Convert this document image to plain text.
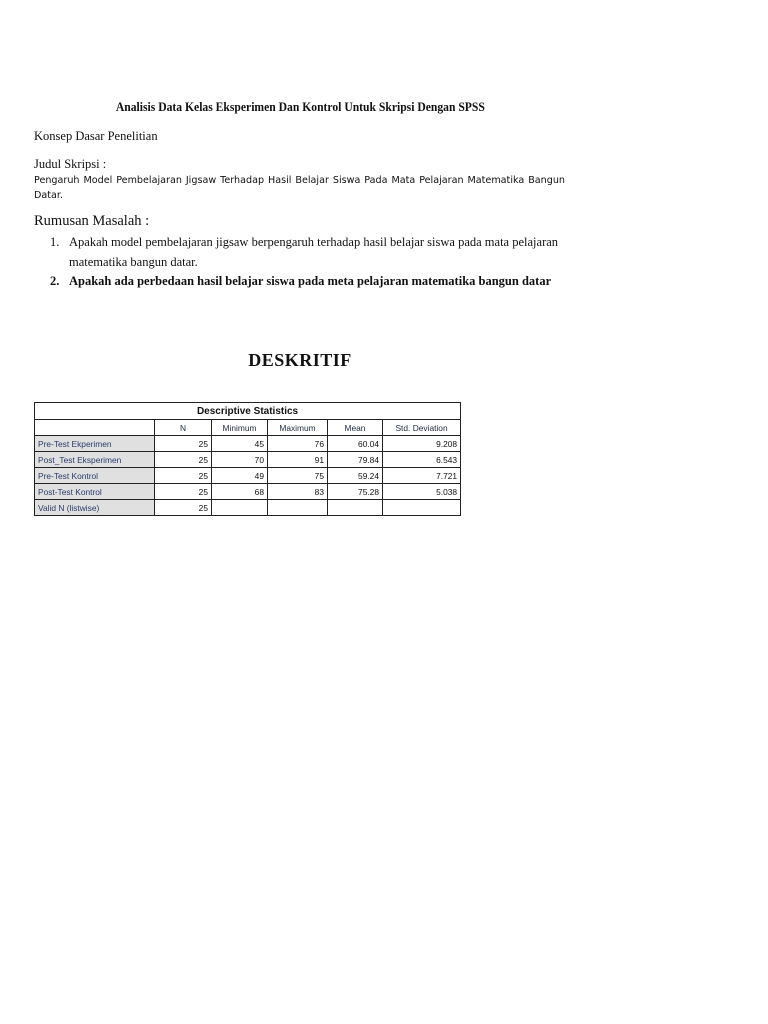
Analisis Data Kelas Eksperimen Dan Kontrol Untuk Skripsi Dengan SPSS
Konsep Dasar Penelitian
Judul Skripsi :
Pengaruh Model Pembelajaran Jigsaw Terhadap Hasil Belajar Siswa Pada Mata Pelajaran Matematika Bangun Datar.
Rumusan Masalah :
1. Apakah model pembelajaran jigsaw berpengaruh terhadap hasil belajar siswa pada mata pelajaran matematika bangun datar.
2. Apakah ada perbedaan hasil belajar siswa pada meta pelajaran matematika bangun datar
DESKRITIF
Descriptive Statistics					
	N	Minimum	Maximum	Mean	Std. Deviation
Pre-Test Ekperimen	25	45	76	60.04	9.208
Post_Test Eksperimen	25	70	91	79.84	6.543
Pre-Test Kontrol	25	49	75	59.24	7.721
Post-Test Kontrol	25	68	83	75.28	5.038
Valid N (listwise)	25				
